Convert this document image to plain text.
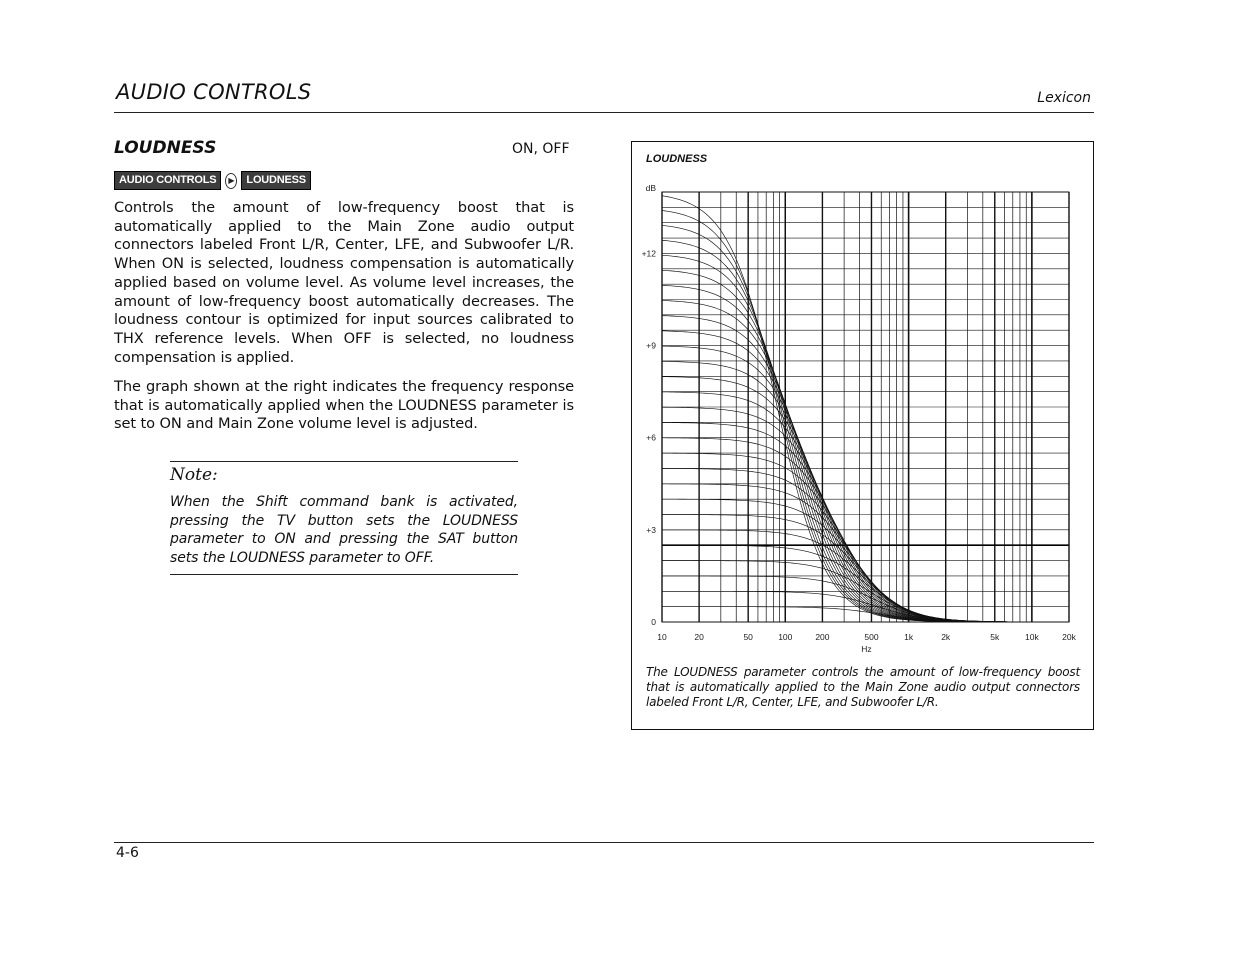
AUDIO CONTROLS	Lexicon
LOUDNESS	ON, OFF
AUDIO CONTROLS	▶	LOUDNESS
Controls the amount of low-frequency boost that is automatically applied to the Main Zone audio output connectors labeled Front L/R, Center, LFE, and Subwoofer L/R. When ON is selected, loudness compensation is automatically applied based on volume level. As volume level increases, the amount of low-frequency boost automatically decreases. The loudness contour is optimized for input sources calibrated to THX reference levels. When OFF is selected, no loudness compensation is applied.
The graph shown at the right indicates the frequency response that is automatically applied when the LOUDNESS parameter is set to ON and Main Zone volume level is adjusted.
Note:
When the Shift command bank is activated, pressing the TV button sets the LOUDNESS parameter to ON and pressing the SAT button sets the LOUDNESS parameter to OFF.
LOUDNESS
10	20	50	100	200	500	1k	2k	5k	10k	20k
0
+3
+6
+9
+12
dB
Hz
The LOUDNESS parameter controls the amount of low-frequency boost that is automatically applied to the Main Zone audio output connectors labeled Front L/R, Center, LFE, and Subwoofer L/R.
4-6
